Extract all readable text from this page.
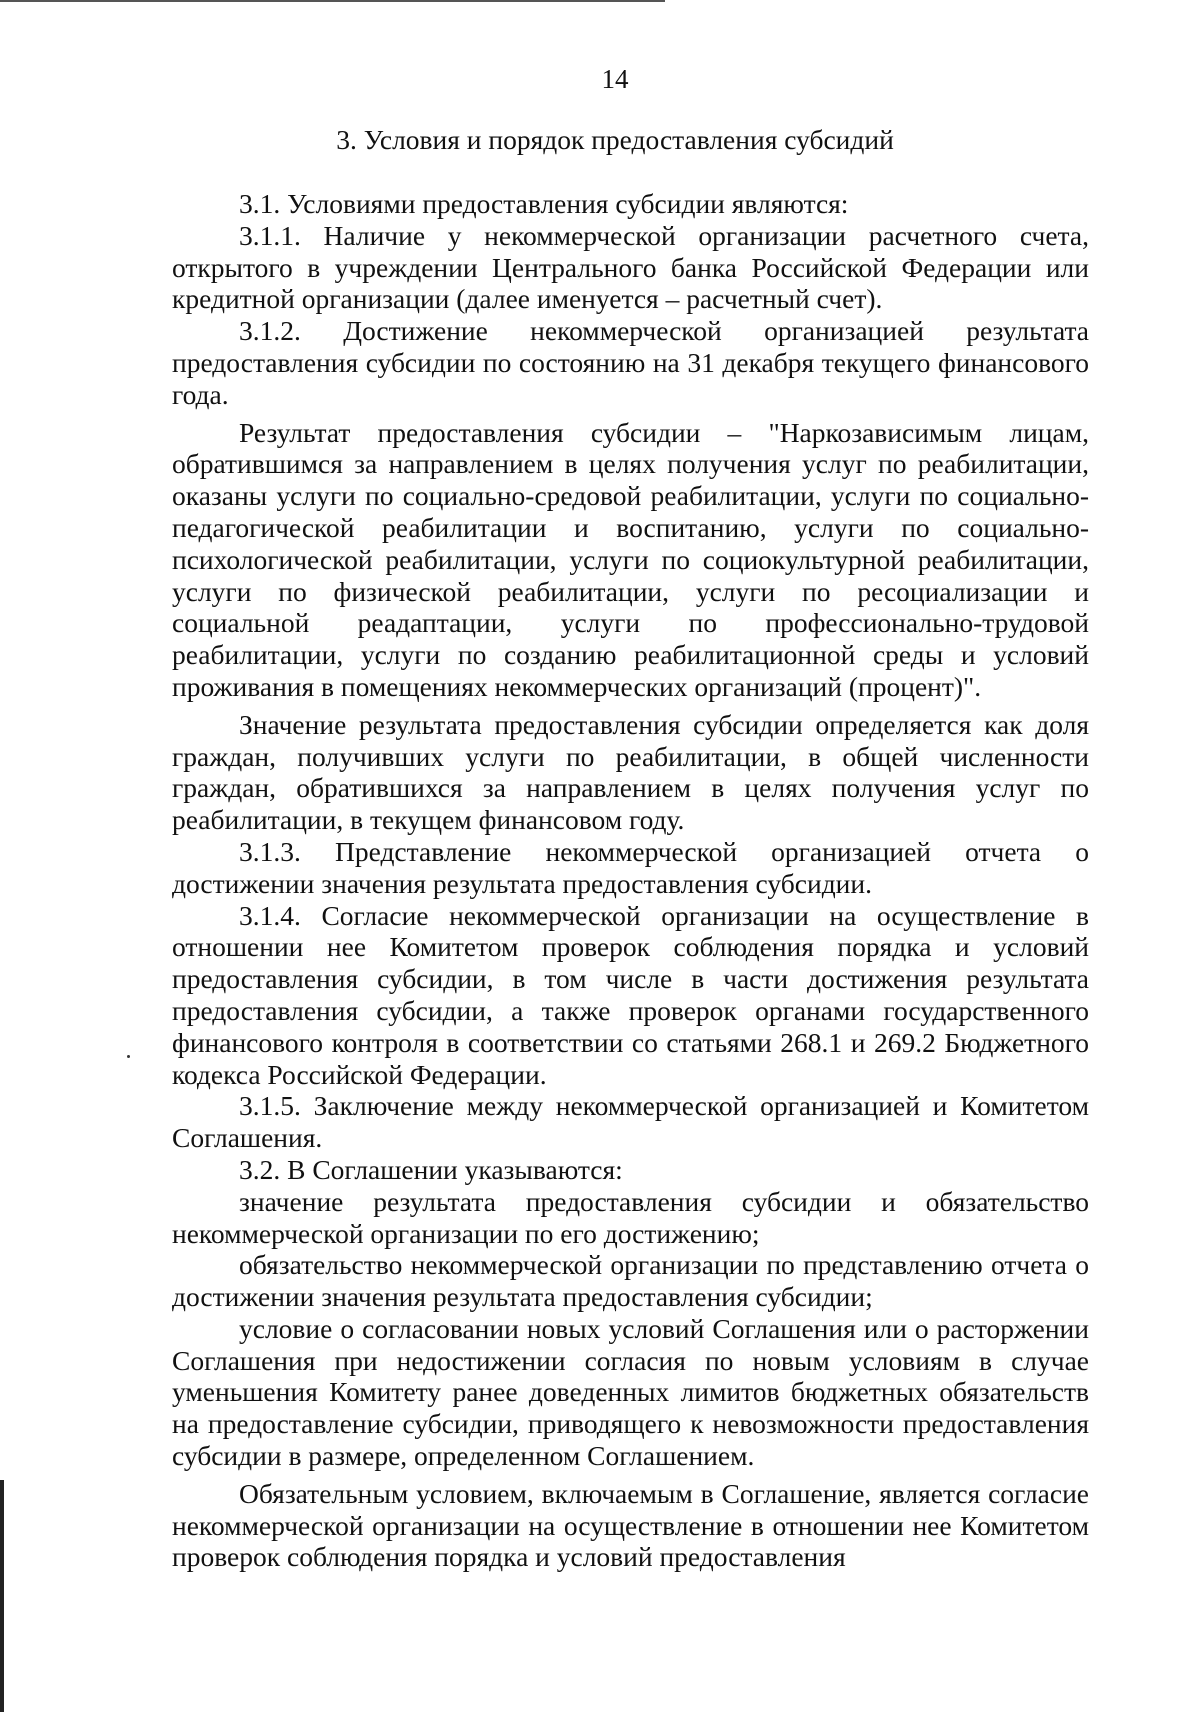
14
3. Условия и порядок предоставления субсидий

3.1. Условиями предоставления субсидии являются:

3.1.1. Наличие у некоммерческой организации расчетного счета, открытого в учреждении Центрального банка Российской Федерации или кредитной организации (далее именуется – расчетный счет).

3.1.2. Достижение некоммерческой организацией результата предоставления субсидии по состоянию на 31 декабря текущего финансового года.

Результат предоставления субсидии – "Наркозависимым лицам, обратившимся за направлением в целях получения услуг по реабилитации, оказаны услуги по социально-средовой реабилитации, услуги по социально-педагогической реабилитации и воспитанию, услуги по социально-психологической реабилитации, услуги по социокультурной реабилитации, услуги по физической реабилитации, услуги по ресоциализации и социальной реадаптации, услуги по профессионально-трудовой реабилитации, услуги по созданию реабилитационной среды и условий проживания в помещениях некоммерческих организаций (процент)".

Значение результата предоставления субсидии определяется как доля граждан, получивших услуги по реабилитации, в общей численности граждан, обратившихся за направлением в целях получения услуг по реабилитации, в текущем финансовом году.

3.1.3. Представление некоммерческой организацией отчета о достижении значения результата предоставления субсидии.

3.1.4. Согласие некоммерческой организации на осуществление в отношении нее Комитетом проверок соблюдения порядка и условий предоставления субсидии, в том числе в части достижения результата предоставления субсидии, а также проверок органами государственного финансового контроля в соответствии со статьями 268.1 и 269.2 Бюджетного кодекса Российской Федерации.

3.1.5. Заключение между некоммерческой организацией и Комитетом Соглашения.

3.2. В Соглашении указываются:

значение результата предоставления субсидии и обязательство некоммерческой организации по его достижению;

обязательство некоммерческой организации по представлению отчета о достижении значения результата предоставления субсидии;

условие о согласовании новых условий Соглашения или о расторжении Соглашения при недостижении согласия по новым условиям в случае уменьшения Комитету ранее доведенных лимитов бюджетных обязательств на предоставление субсидии, приводящего к невозможности предоставления субсидии в размере, определенном Соглашением.

Обязательным условием, включаемым в Соглашение, является согласие некоммерческой организации на осуществление в отношении нее Комитетом проверок соблюдения порядка и условий предоставления
